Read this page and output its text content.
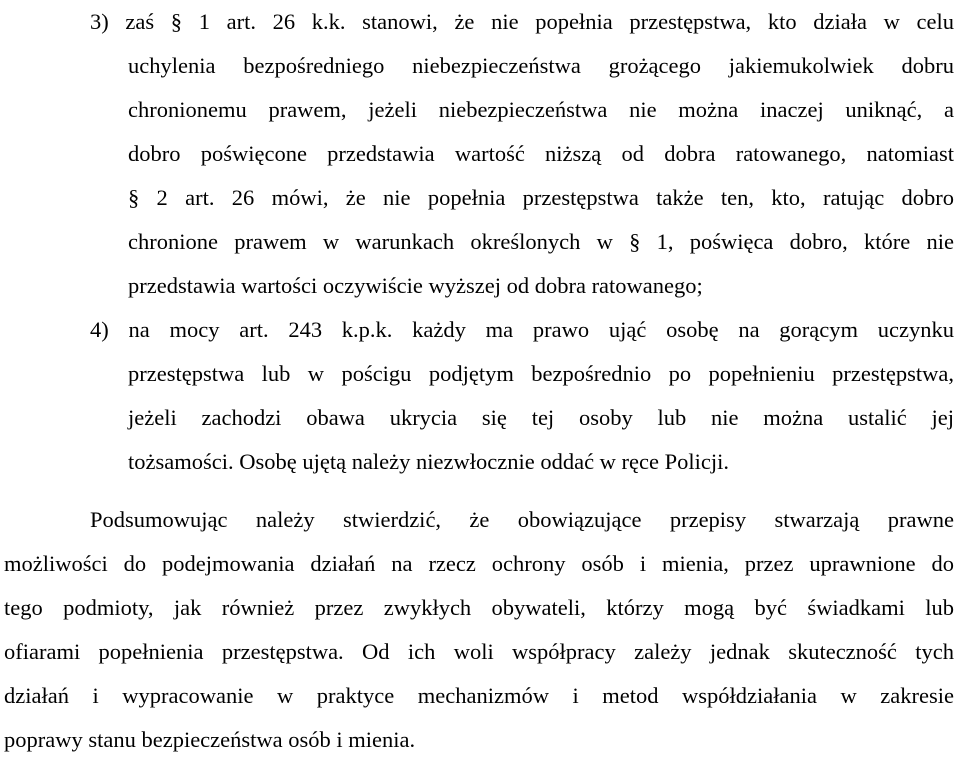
3) zaś § 1 art. 26 k.k. stanowi, że nie popełnia przestępstwa, kto działa w celu
uchylenia bezpośredniego niebezpieczeństwa grożącego jakiemukolwiek dobru
chronionemu prawem, jeżeli niebezpieczeństwa nie można inaczej uniknąć, a
dobro poświęcone przedstawia wartość niższą od dobra ratowanego, natomiast
§ 2 art. 26 mówi, że nie popełnia przestępstwa także ten, kto, ratując dobro
chronione prawem w warunkach określonych w § 1, poświęca dobro, które nie
przedstawia wartości oczywiście wyższej od dobra ratowanego;
4) na mocy art. 243 k.p.k. każdy ma prawo ująć osobę na gorącym uczynku
przestępstwa lub w pościgu podjętym bezpośrednio po popełnieniu przestępstwa,
jeżeli zachodzi obawa ukrycia się tej osoby lub nie można ustalić jej
tożsamości. Osobę ujętą należy niezwłocznie oddać w ręce Policji.
Podsumowując należy stwierdzić, że obowiązujące przepisy stwarzają prawne
możliwości do podejmowania działań na rzecz ochrony osób i mienia, przez uprawnione do
tego podmioty, jak również przez zwykłych obywateli, którzy mogą być świadkami lub
ofiarami popełnienia przestępstwa. Od ich woli współpracy zależy jednak skuteczność tych
działań i wypracowanie w praktyce mechanizmów i metod współdziałania w zakresie
poprawy stanu bezpieczeństwa osób i mienia.
